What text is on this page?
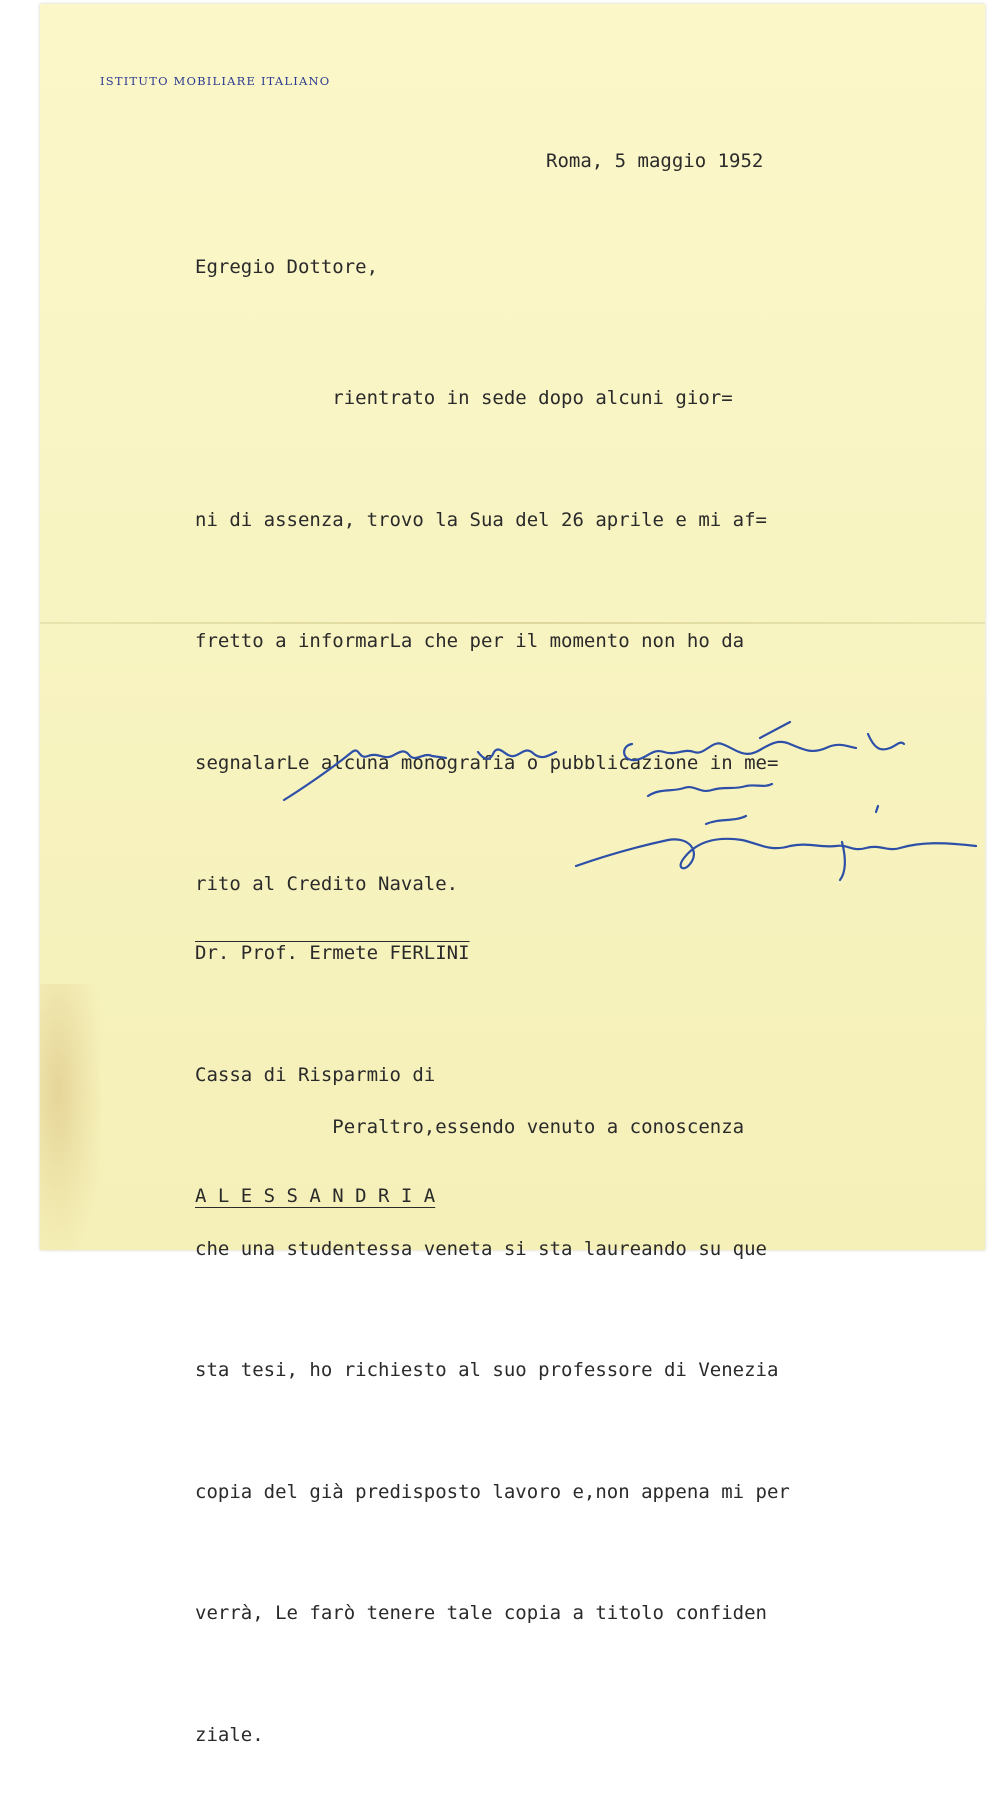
ISTITUTO MOBILIARE ITALIANO
Roma, 5 maggio 1952
Egregio Dottore,

rientrato in sede dopo alcuni gior=

ni di assenza, trovo la Sua del 26 aprile e mi af=

fretto a informarLa che per il momento non ho da

segnalarLe alcuna monografia o pubblicazione in me=

rito al Credito Navale.

Peraltro,essendo venuto a conoscenza

che una studentessa veneta si sta laureando su que

sta tesi, ho richiesto al suo professore di Venezia

copia del già predisposto lavoro e,non appena mi per

verrà, Le farò tenere tale copia a titolo confiden

ziale.

Dr. Prof. Ermete FERLINI

Cassa di Risparmio di

A L E S S A N D R I A
